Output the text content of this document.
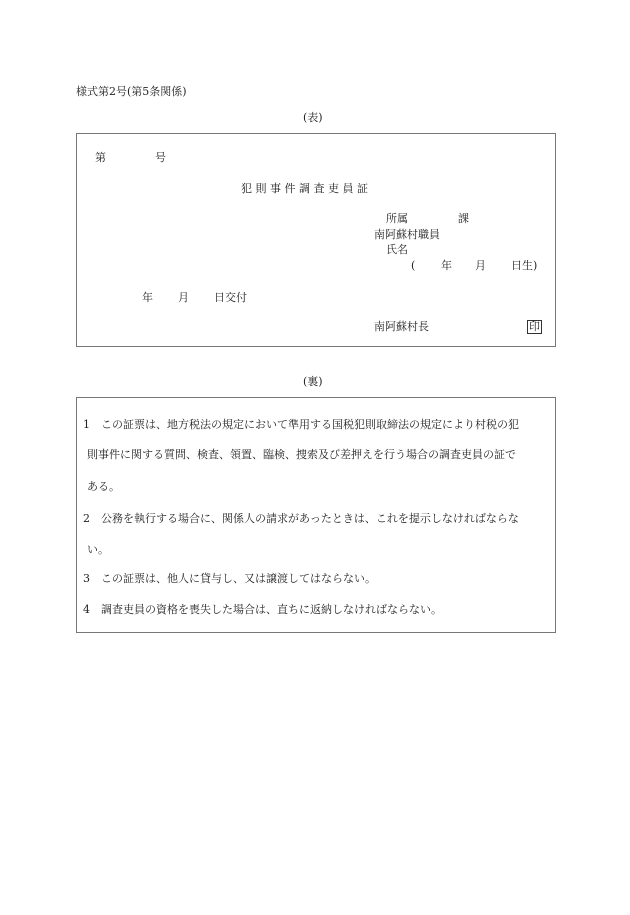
様式第2号(第5条関係)
(表)
第	号
犯 則 事 件 調 査 吏 員 証
所属	課
南阿蘇村職員
氏名
( 年 月 日生)
年 月 日交付
南阿蘇村長	印
(裏)
1　この証票は、地方税法の規定において準用する国税犯則取締法の規定により村税の犯
則事件に関する質問、検査、領置、臨検、捜索及び差押えを行う場合の調査吏員の証で
ある。
2　公務を執行する場合に、関係人の請求があったときは、これを提示しなければならな
い。
3　この証票は、他人に貸与し、又は譲渡してはならない。
4　調査吏員の資格を喪失した場合は、直ちに返納しなければならない。
